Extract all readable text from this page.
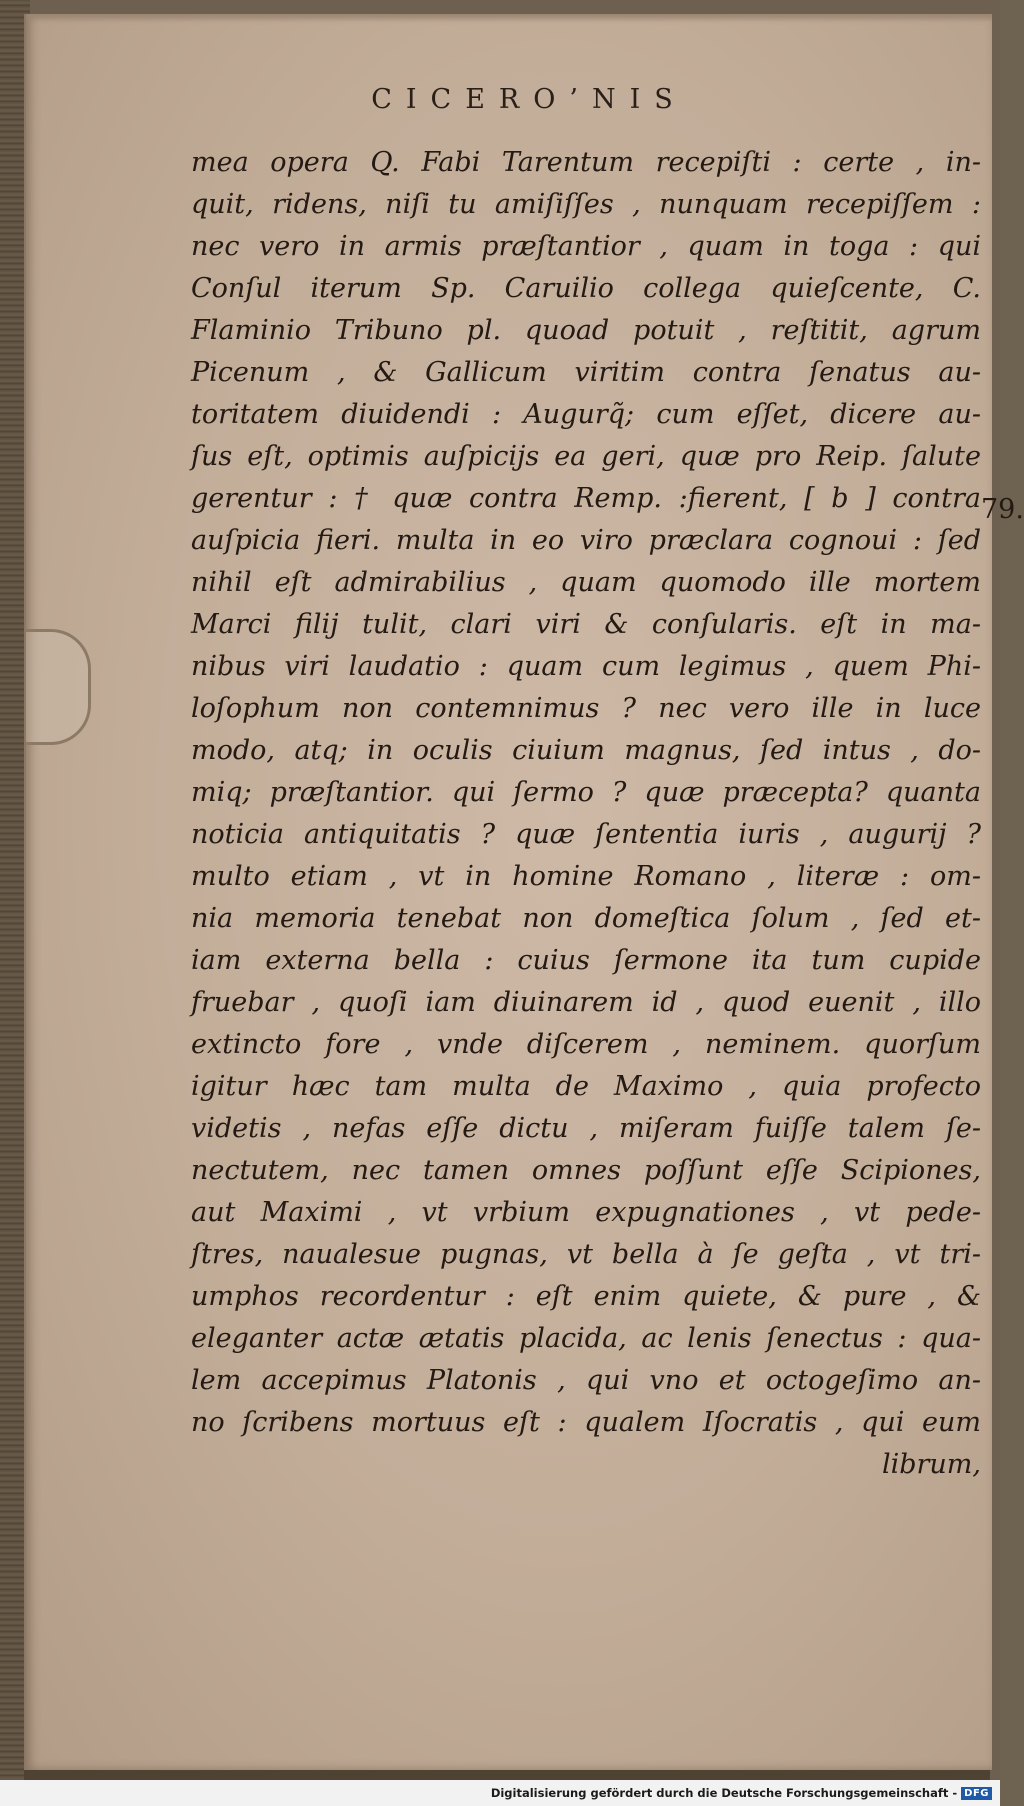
CICERO’NIS
mea opera Q. Fabi Tarentum recepiſti : certe , in-
quit, ridens, niſi tu amiſiſſes , nunquam recepiſſem :
nec vero in armis præſtantior , quam in toga : qui
Conſul iterum Sp. Caruilio collega quieſcente, C.
Flaminio Tribuno pl. quoad potuit , reſtitit, agrum
Picenum , & Gallicum viritim contra ſenatus au-
toritatem diuidendi : Augurq̃; cum eſſet, dicere au-
ſus eſt, optimis auſpicijs ea geri, quæ pro Reip. ſalute
gerentur : † quæ contra Remp. :fierent, [ b ] contra
auſpicia fieri. multa in eo viro præclara cognoui : ſed
nihil eſt admirabilius , quam quomodo ille mortem
Marci filij tulit, clari viri & conſularis. eſt in ma-
nibus viri laudatio : quam cum legimus , quem Phi-
loſophum non contemnimus ? nec vero ille in luce
modo, atq; in oculis ciuium magnus, ſed intus , do-
miq; præſtantior. qui ſermo ? quæ præcepta? quanta
noticia antiquitatis ? quæ ſententia iuris , augurij ?
multo etiam , vt in homine Romano , literæ : om-
nia memoria tenebat non domeſtica ſolum , ſed et-
iam externa bella : cuius ſermone ita tum cupide
fruebar , quoſi iam diuinarem id , quod euenit , illo
extincto fore , vnde diſcerem , neminem. quorſum
igitur hæc tam multa de Maximo , quia profecto
videtis , nefas eſſe dictu , miſeram fuiſſe talem ſe-
nectutem, nec tamen omnes poſſunt eſſe Scipiones,
aut Maximi , vt vrbium expugnationes , vt pede-
ſtres, naualesue pugnas, vt bella à ſe geſta , vt tri-
umphos recordentur : eſt enim quiete, & pure , &
eleganter actæ ætatis placida, ac lenis ſenectus : qua-
lem accepimus Platonis , qui vno et octogeſimo an-
no ſcribens mortuus eſt : qualem Iſocratis , qui eum
librum,
79.
Digitalisierung gefördert durch die Deutsche Forschungsgemeinschaft - DFG
